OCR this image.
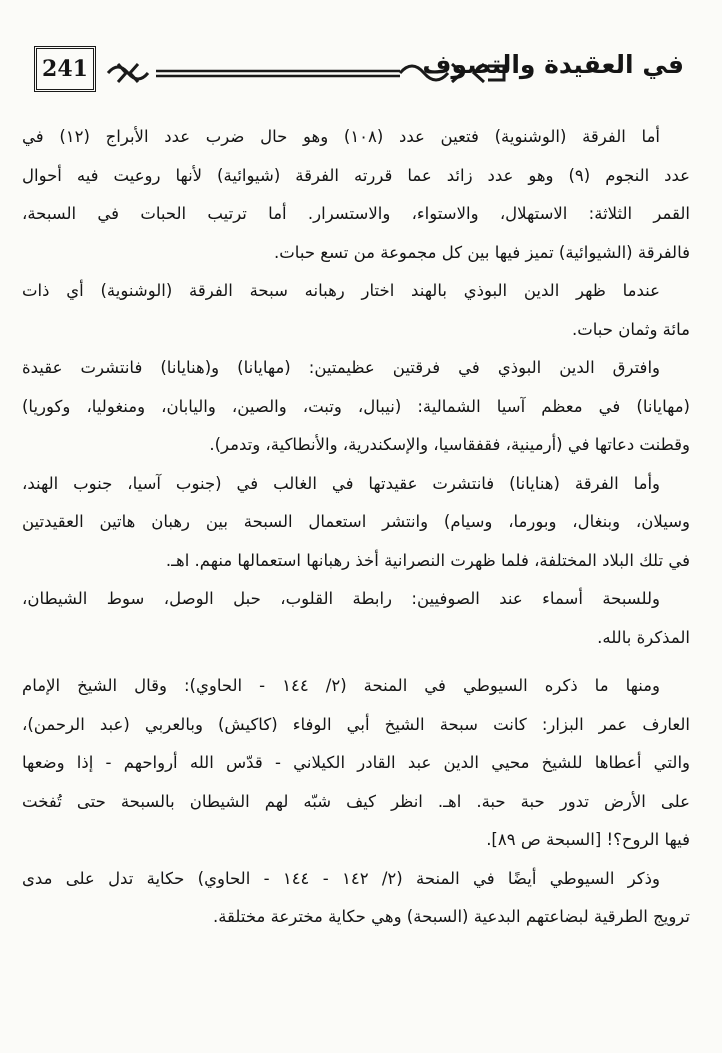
241	في العقيدة والتصوف
أما الفرقة (الوشنوية) فتعين عدد (١٠٨) وهو حال ضرب عدد الأبراج (١٢) في
عدد النجوم (٩) وهو عدد زائد عما قررته الفرقة (شيوائية) لأنها روعيت فيه أحوال
القمر الثلاثة: الاستهلال، والاستواء، والاستسرار. أما ترتيب الحبات في السبحة،
فالفرقة (الشيوائية) تميز فيها بين كل مجموعة من تسع حبات.
عندما ظهر الدين البوذي بالهند اختار رهبانه سبحة الفرقة (الوشنوية) أي ذات
مائة وثمان حبات.
وافترق الدين البوذي في فرقتين عظيمتين: (مهايانا) و(هنايانا) فانتشرت عقيدة
(مهايانا) في معظم آسيا الشمالية: (نيبال، وتبت، والصين، واليابان، ومنغوليا، وكوريا)
وقطنت دعاتها في (أرمينية، فقفقاسيا، والإسكندرية، والأنطاكية، وتدمر).
وأما الفرقة (هنايانا) فانتشرت عقيدتها في الغالب في (جنوب آسيا، جنوب الهند،
وسيلان، وبنغال، وبورما، وسيام) وانتشر استعمال السبحة بين رهبان هاتين العقيدتين
في تلك البلاد المختلفة، فلما ظهرت النصرانية أخذ رهبانها استعمالها منهم. اهـ.
وللسبحة أسماء عند الصوفيين: رابطة القلوب، حبل الوصل، سوط الشيطان،
المذكرة بالله.
ومنها ما ذكره السيوطي في المنحة (٢/ ١٤٤ - الحاوي): وقال الشيخ الإمام
العارف عمر البزار: كانت سبحة الشيخ أبي الوفاء (كاكيش) وبالعربي (عبد الرحمن)،
والتي أعطاها للشيخ محيي الدين عبد القادر الكيلاني - قدّس الله أرواحهم - إذا وضعها
على الأرض تدور حبة حبة. اهـ. انظر كيف شبّه لهم الشيطان بالسبحة حتى تُفخت
فيها الروح؟! [السبحة ص ٨٩].
وذكر السيوطي أيضًا في المنحة (٢/ ١٤٢ - ١٤٤ - الحاوي) حكاية تدل على مدى
ترويج الطرقية لبضاعتهم البدعية (السبحة) وهي حكاية مخترعة مختلقة.
